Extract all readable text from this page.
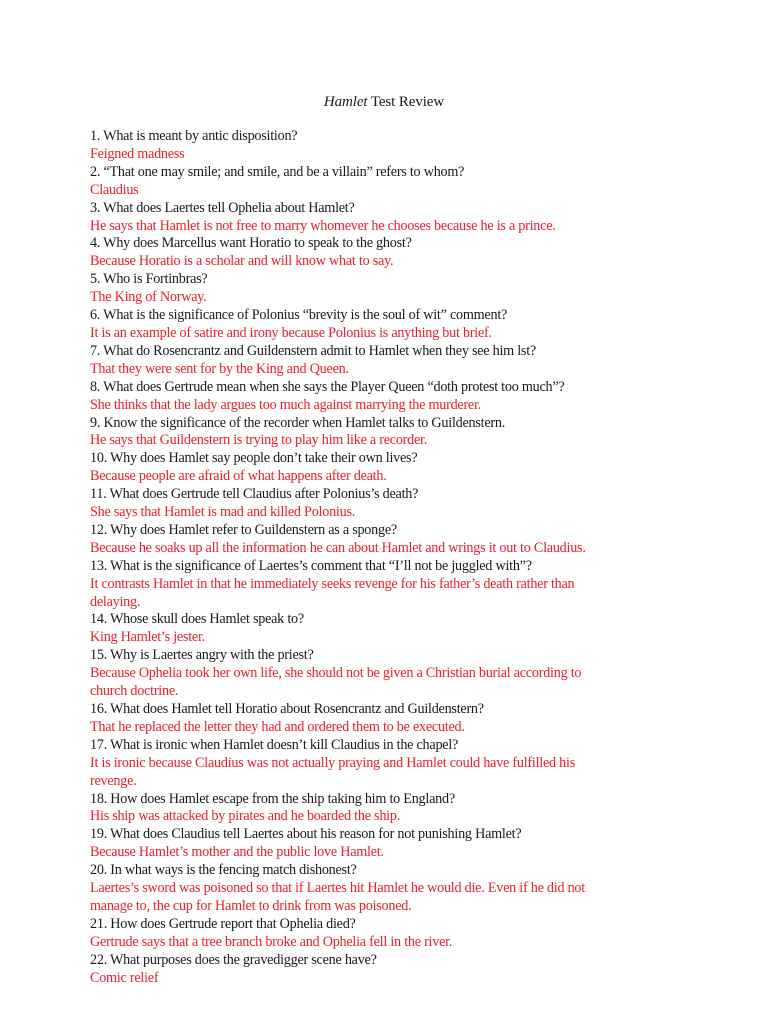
Hamlet Test Review
1. What is meant by antic disposition?
Feigned madness
2. “That one may smile; and smile, and be a villain” refers to whom?
Claudius
3. What does Laertes tell Ophelia about Hamlet?
He says that Hamlet is not free to marry whomever he chooses because he is a prince.
4. Why does Marcellus want Horatio to speak to the ghost?
Because Horatio is a scholar and will know what to say.
5. Who is Fortinbras?
The King of Norway.
6. What is the significance of Polonius “brevity is the soul of wit” comment?
It is an example of satire and irony because Polonius is anything but brief.
7. What do Rosencrantz and Guildenstern admit to Hamlet when they see him lst?
That they were sent for by the King and Queen.
8. What does Gertrude mean when she says the Player Queen “doth protest too much”?
She thinks that the lady argues too much against marrying the murderer.
9. Know the significance of the recorder when Hamlet talks to Guildenstern.
He says that Guildenstern is trying to play him like a recorder.
10. Why does Hamlet say people don’t take their own lives?
Because people are afraid of what happens after death.
11. What does Gertrude tell Claudius after Polonius’s death?
She says that Hamlet is mad and killed Polonius.
12. Why does Hamlet refer to Guildenstern as a sponge?
Because he soaks up all the information he can about Hamlet and wrings it out to Claudius.
13. What is the significance of Laertes’s comment that “I’ll not be juggled with”?
It contrasts Hamlet in that he immediately seeks revenge for his father’s death rather than
delaying.
14. Whose skull does Hamlet speak to?
King Hamlet’s jester.
15. Why is Laertes angry with the priest?
Because Ophelia took her own life, she should not be given a Christian burial according to
church doctrine.
16. What does Hamlet tell Horatio about Rosencrantz and Guildenstern?
That he replaced the letter they had and ordered them to be executed.
17. What is ironic when Hamlet doesn’t kill Claudius in the chapel?
It is ironic because Claudius was not actually praying and Hamlet could have fulfilled his
revenge.
18. How does Hamlet escape from the ship taking him to England?
His ship was attacked by pirates and he boarded the ship.
19. What does Claudius tell Laertes about his reason for not punishing Hamlet?
Because Hamlet’s mother and the public love Hamlet.
20. In what ways is the fencing match dishonest?
Laertes’s sword was poisoned so that if Laertes hit Hamlet he would die. Even if he did not
manage to, the cup for Hamlet to drink from was poisoned.
21. How does Gertrude report that Ophelia died?
Gertrude says that a tree branch broke and Ophelia fell in the river.
22. What purposes does the gravedigger scene have?
Comic relief
